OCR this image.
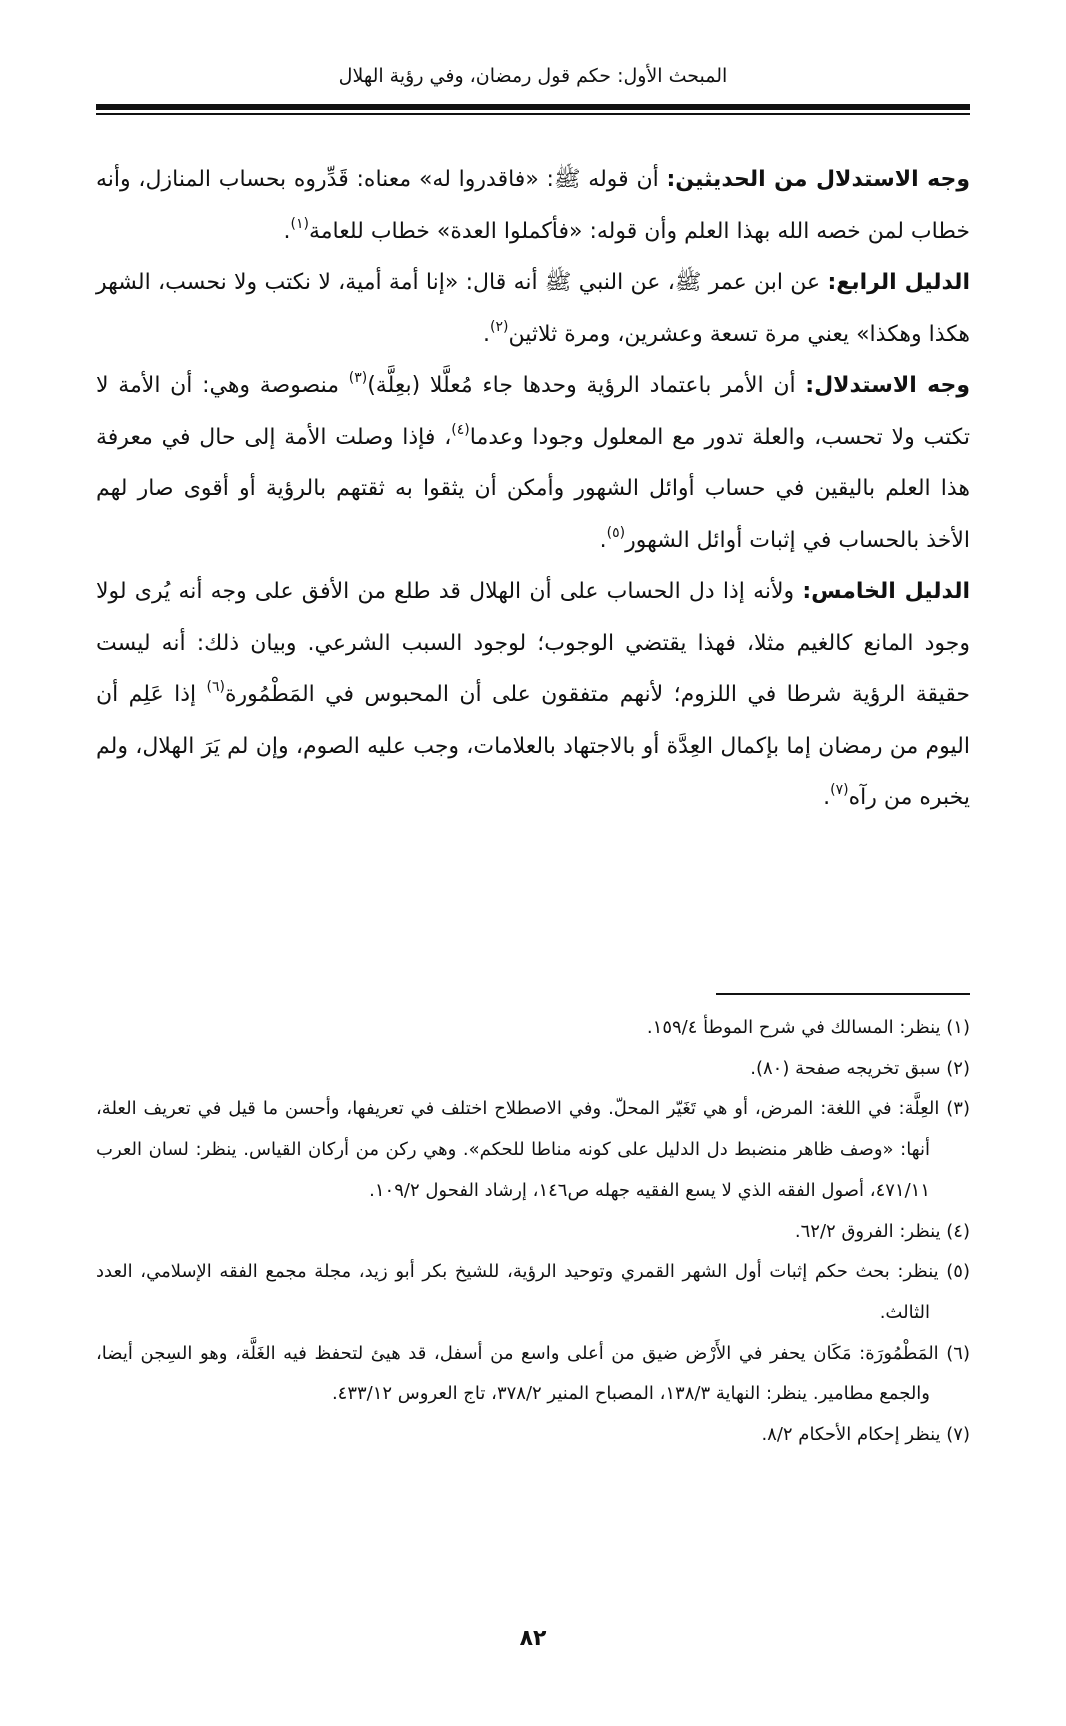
المبحث الأول: حكم قول رمضان، وفي رؤية الهلال

وجه الاستدلال من الحديثين: أن قوله ﷺ: «فاقدروا له» معناه: قَدِّروه بحساب المنازل، وأنه خطاب لمن خصه الله بهذا العلم وأن قوله: «فأكملوا العدة» خطاب للعامة$^{(١)}$.

الدليل الرابع: عن ابن عمر ﷺ، عن النبي ﷺ أنه قال: «إنا أمة أمية، لا نكتب ولا نحسب، الشهر هكذا وهكذا» يعني مرة تسعة وعشرين، ومرة ثلاثين$^{(٢)}$.

وجه الاستدلال: أن الأمر باعتماد الرؤية وحدها جاء مُعلَّلا (بعِلَّة)$^{(٣)}$ منصوصة وهي: أن الأمة لا تكتب ولا تحسب، والعلة تدور مع المعلول وجودا وعدما$^{(٤)}$، فإذا وصلت الأمة إلى حال في معرفة هذا العلم باليقين في حساب أوائل الشهور وأمكن أن يثقوا به ثقتهم بالرؤية أو أقوى صار لهم الأخذ بالحساب في إثبات أوائل الشهور$^{(٥)}$.

الدليل الخامس: ولأنه إذا دل الحساب على أن الهلال قد طلع من الأفق على وجه أنه يُرى لولا وجود المانع كالغيم مثلا، فهذا يقتضي الوجوب؛ لوجود السبب الشرعي. وبيان ذلك: أنه ليست حقيقة الرؤية شرطا في اللزوم؛ لأنهم متفقون على أن المحبوس في المَطْمُورة$^{(٦)}$ إذا عَلِم أن اليوم من رمضان إما بإكمال العِدَّة أو بالاجتهاد بالعلامات، وجب عليه الصوم، وإن لم يَرَ الهلال، ولم يخبره من رآه$^{(٧)}$.

(١) ينظر: المسالك في شرح الموطأ ١٥٩/٤.

(٢) سبق تخريجه صفحة (٨٠).

(٣) العِلَّة: في اللغة: المرض، أو هي تَغَيّر المحلّ. وفي الاصطلاح اختلف في تعريفها، وأحسن ما قيل في تعريف العلة، أنها: «وصف ظاهر منضبط دل الدليل على كونه مناطا للحكم». وهي ركن من أركان القياس. ينظر: لسان العرب ٤٧١/١١، أصول الفقه الذي لا يسع الفقيه جهله ص١٤٦، إرشاد الفحول ١٠٩/٢.

(٤) ينظر: الفروق ٦٢/٢.

(٥) ينظر: بحث حكم إثبات أول الشهر القمري وتوحيد الرؤية، للشيخ بكر أبو زيد، مجلة مجمع الفقه الإسلامي، العدد الثالث.

(٦) المَطْمُورَة: مَكَان يحفر في الأَرْض ضيق من أعلى واسع من أسفل، قد هيئ لتحفظ فيه الغَلَّة، وهو السِجن أيضا، والجمع مطامير. ينظر: النهاية ١٣٨/٣، المصباح المنير ٣٧٨/٢، تاج العروس ٤٣٣/١٢.

(٧) ينظر إحكام الأحكام ٨/٢.

٨٢
